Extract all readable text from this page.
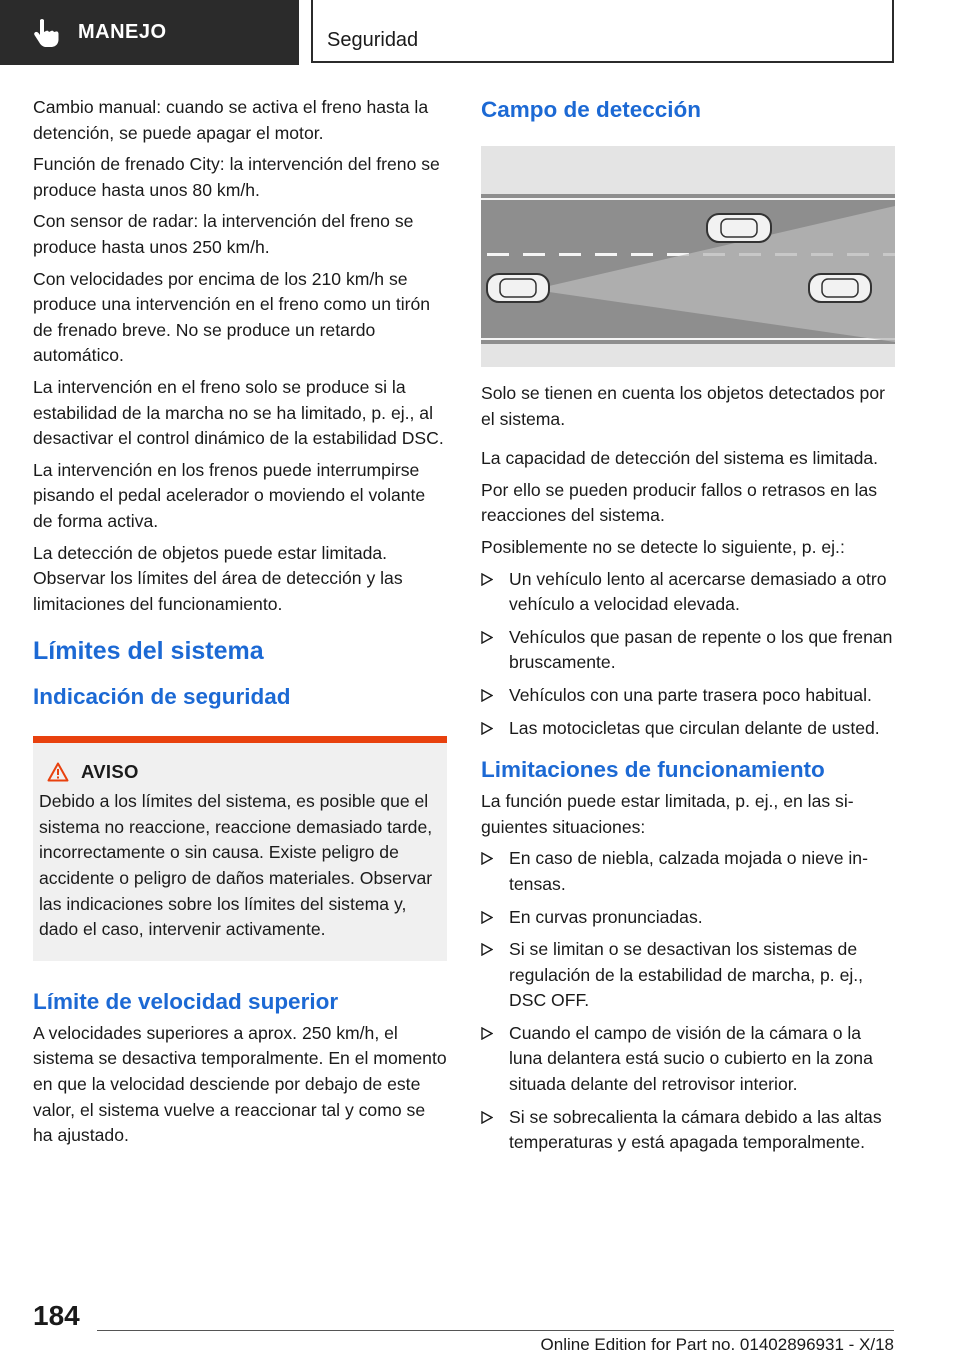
MANEJO	Seguridad

Cambio manual: cuando se activa el freno hasta la detención, se puede apagar el motor.

Función de frenado City: la intervención del freno se produce hasta unos 80 km/h.

Con sensor de radar: la intervención del freno se produce hasta unos 250 km/h.

Con velocidades por encima de los 210 km/h se produce una intervención en el freno como un tirón de frenado breve. No se produce un retardo automático.

La intervención en el freno solo se produce si la estabilidad de la marcha no se ha limitado, p. ej., al desactivar el control dinámico de la estabilidad DSC.

La intervención en los frenos puede interrumpirse pisando el pedal acelerador o moviendo el volante de forma activa.

La detección de objetos puede estar limitada. Observar los límites del área de detección y las limitaciones del funcionamiento.

Límites del sistema
Indicación de seguridad
AVISO

Debido a los límites del sistema, es posible que el sistema no reaccione, reaccione demasiado tarde, incorrectamente o sin causa. Existe peligro de accidente o peligro de daños materiales. Observar las indicaciones sobre los límites del sistema y, dado el caso, intervenir activamente.

Límite de velocidad superior

A velocidades superiores a aprox. 250 km/h, el sistema se desactiva temporalmente. En el momento en que la velocidad desciende por debajo de este valor, el sistema vuelve a reaccionar tal y como se ha ajustado.

Campo de detección

Solo se tienen en cuenta los objetos detectados por el sistema.

La capacidad de detección del sistema es limitada.

Por ello se pueden producir fallos o retrasos en las reacciones del sistema.

Posiblemente no se detecte lo siguiente, p. ej.:

Un vehículo lento al acercarse demasiado a otro vehículo a velocidad elevada.
Vehículos que pasan de repente o los que frenan bruscamente.
Vehículos con una parte trasera poco habitual.
Las motocicletas que circulan delante de usted.
Limitaciones de funcionamiento

La función puede estar limitada, p. ej., en las siguientes situaciones:

En caso de niebla, calzada mojada o nieve intensas.
En curvas pronunciadas.
Si se limitan o se desactivan los sistemas de regulación de la estabilidad de marcha, p. ej., DSC OFF.
Cuando el campo de visión de la cámara o la luna delantera está sucio o cubierto en la zona situada delante del retrovisor interior.
Si se sobrecalienta la cámara debido a las altas temperaturas y está apagada temporalmente.
184
Online Edition for Part no. 01402896931 - X/18
